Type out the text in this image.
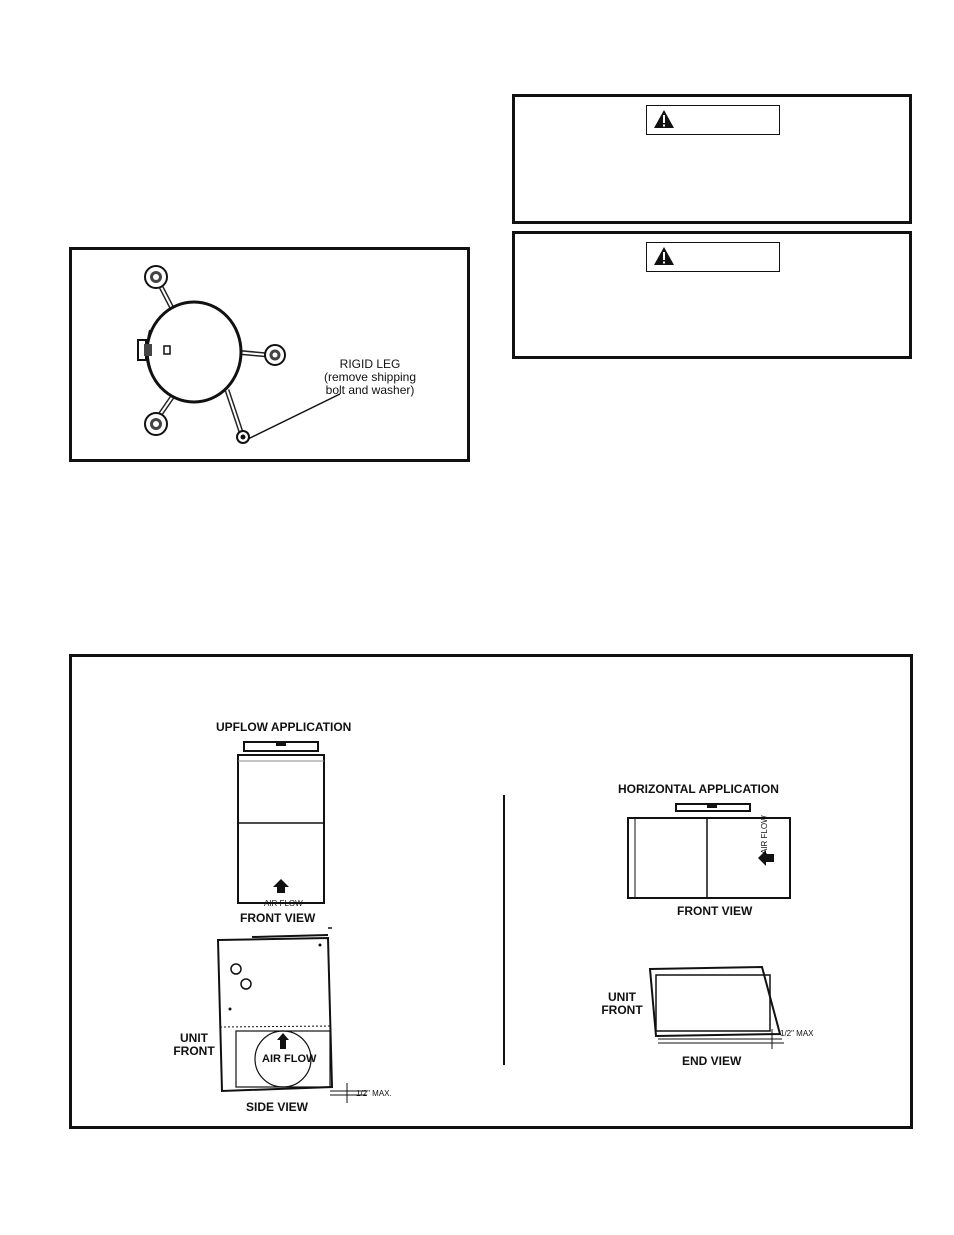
RIGID LEG
(remove shipping
bolt and washer)
UPFLOW APPLICATION
AIR FLOW
FRONT VIEW
UNIT
FRONT
AIR FLOW
1/2" MAX.
SIDE VIEW
HORIZONTAL APPLICATION
AIR FLOW
FRONT VIEW
UNIT
FRONT
1/2" MAX
END VIEW
